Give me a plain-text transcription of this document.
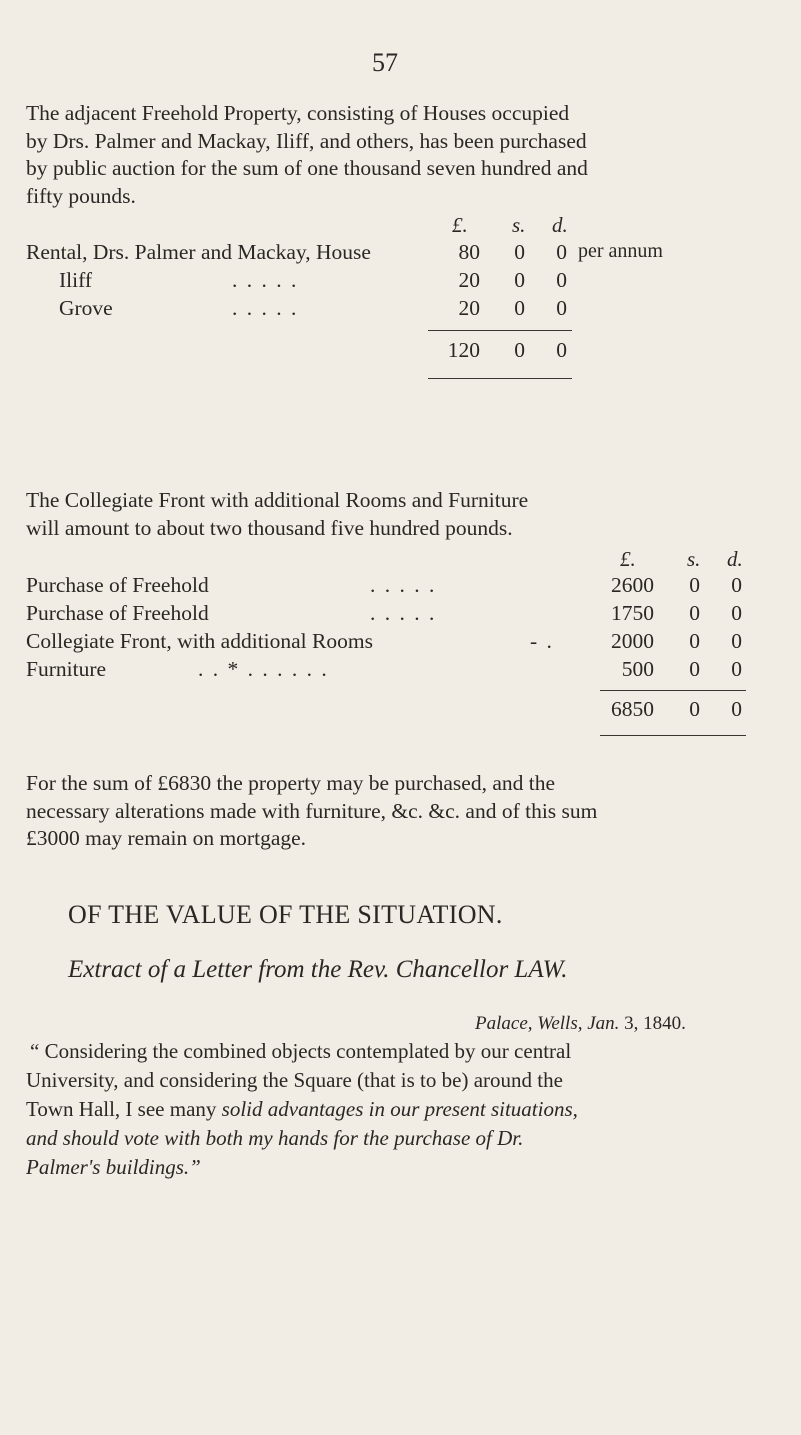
57
The adjacent Freehold Property, consisting of Houses occupied
by Drs. Palmer and Mackay, Iliff, and others, has been purchased
by public auction for the sum of one thousand seven hundred and
fifty pounds.
£. s. d.
Rental, Drs. Palmer and Mackay, House	80	0	0 per annum
Iliff	. . . . .	20	0	0
Grove	. . . . .	20	0	0
120	0	0
The Collegiate Front with additional Rooms and Furniture
will amount to about two thousand five hundred pounds.
£. s. d.
Purchase of Freehold	. . . . .	2600	0	0
Purchase of Freehold	. . . . .	1750	0	0
Collegiate Front, with additional Rooms	- .	2000	0	0
Furniture	. . * . . . . . .	500	0	0
6850	0	0
For the sum of £6830 the property may be purchased, and the
necessary alterations made with furniture, &c. &c. and of this sum
£3000 may remain on mortgage.
OF THE VALUE OF THE SITUATION.
Extract of a Letter from the Rev. Chancellor LAW.
Palace, Wells, Jan. 3, 1840.
“ Considering the combined objects contemplated by our central
University, and considering the Square (that is to be) around the
Town Hall, I see many solid advantages in our present situations,
and should vote with both my hands for the purchase of Dr.
Palmer's buildings.”
